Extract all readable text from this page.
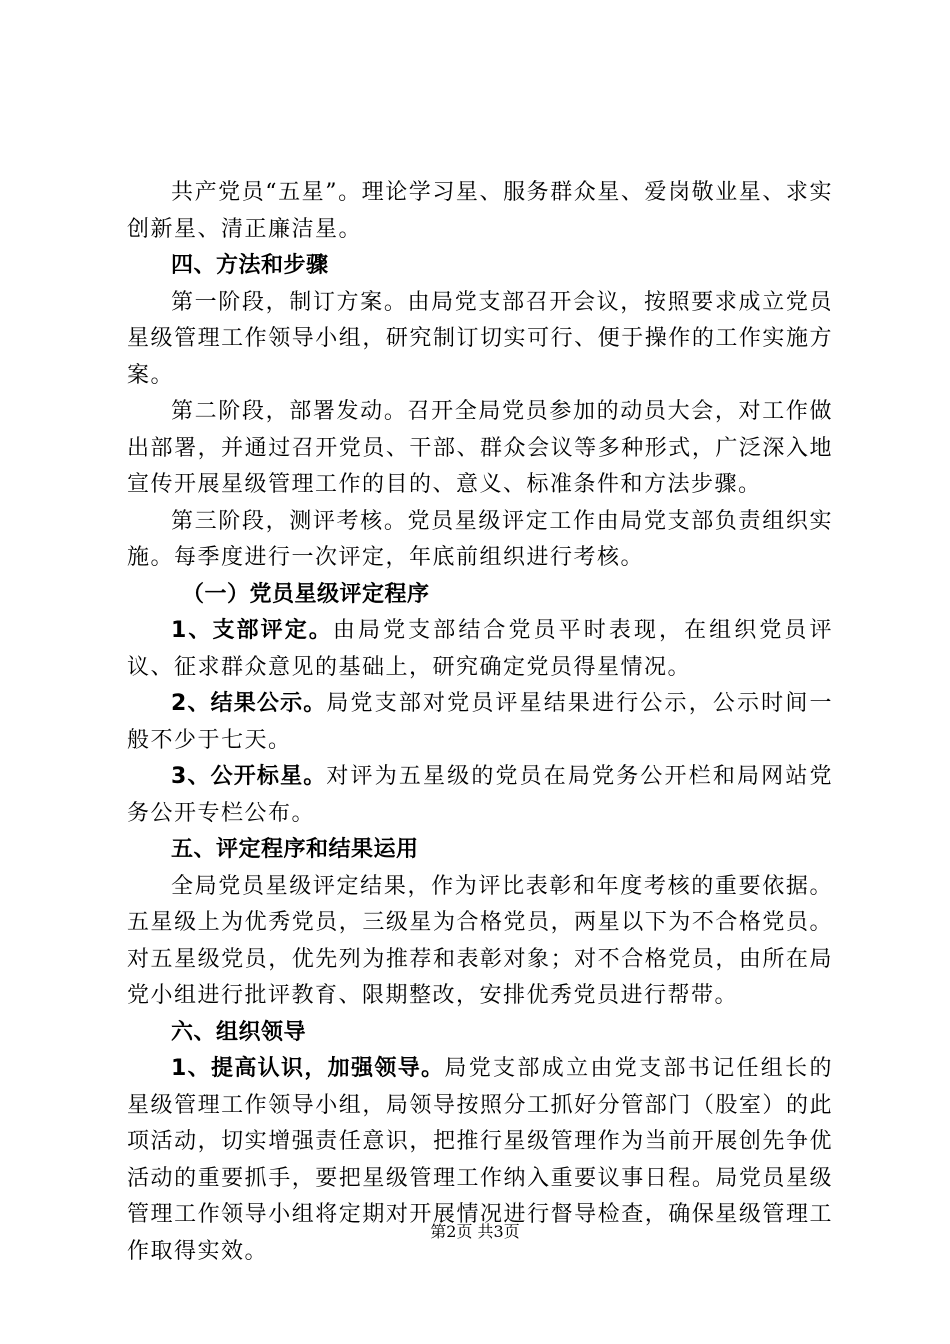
共产党员“五星”。理论学习星、服务群众星、爱岗敬业星、求实创新星、清正廉洁星。

四、方法和步骤

第一阶段，制订方案。由局党支部召开会议，按照要求成立党员星级管理工作领导小组，研究制订切实可行、便于操作的工作实施方案。

第二阶段，部署发动。召开全局党员参加的动员大会，对工作做出部署，并通过召开党员、干部、群众会议等多种形式，广泛深入地宣传开展星级管理工作的目的、意义、标准条件和方法步骤。

第三阶段，测评考核。党员星级评定工作由局党支部负责组织实施。每季度进行一次评定，年底前组织进行考核。

（一）党员星级评定程序

1、支部评定。由局党支部结合党员平时表现，在组织党员评议、征求群众意见的基础上，研究确定党员得星情况。

2、结果公示。局党支部对党员评星结果进行公示，公示时间一般不少于七天。

3、公开标星。对评为五星级的党员在局党务公开栏和局网站党务公开专栏公布。

五、评定程序和结果运用

全局党员星级评定结果，作为评比表彰和年度考核的重要依据。五星级上为优秀党员，三级星为合格党员，两星以下为不合格党员。对五星级党员，优先列为推荐和表彰对象；对不合格党员，由所在局党小组进行批评教育、限期整改，安排优秀党员进行帮带。

六、组织领导

1、提高认识，加强领导。局党支部成立由党支部书记任组长的星级管理工作领导小组，局领导按照分工抓好分管部门（股室）的此项活动，切实增强责任意识，把推行星级管理作为当前开展创先争优活动的重要抓手，要把星级管理工作纳入重要议事日程。局党员星级管理工作领导小组将定期对开展情况进行督导检查，确保星级管理工作取得实效。

第2页 共3页
